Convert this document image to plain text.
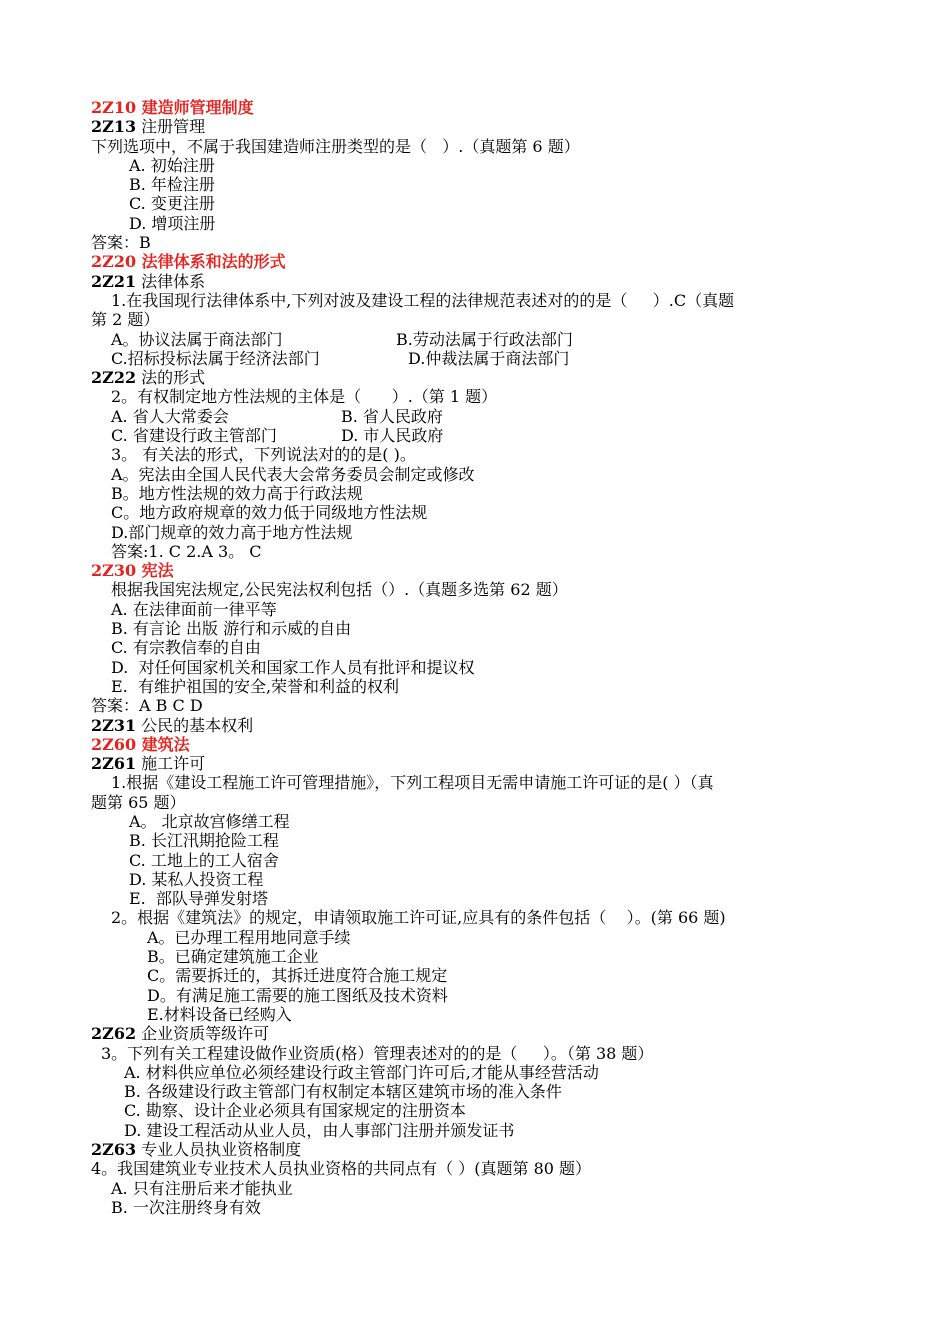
2Z10 建造师管理制度
2Z13 注册管理
下列选项中，不属于我国建造师注册类型的是（   ）.（真题第 6 题）
A. 初始注册
B. 年检注册
C. 变更注册
D. 增项注册
答案：B
2Z20 法律体系和法的形式
2Z21 法律体系
1.在我国现行法律体系中,下列对波及建设工程的法律规范表述对的的是（     ）.C（真题
第 2 题）
A。协议法属于商法部门	B.劳动法属于行政法部门
C.招标投标法属于经济法部门	D.仲裁法属于商法部门
2Z22 法的形式
2。有权制定地方性法规的主体是（      ）.（第 1 题）
A. 省人大常委会	B. 省人民政府
C. 省建设行政主管部门	D. 市人民政府
3。 有关法的形式，下列说法对的的是( )。
A。宪法由全国人民代表大会常务委员会制定或修改
B。地方性法规的效力高于行政法规
C。地方政府规章的效力低于同级地方性法规
D.部门规章的效力高于地方性法规
答案:1. C 2.A 3。 C
2Z30 宪法
根据我国宪法规定,公民宪法权利包括（）.（真题多选第 62 题）
A. 在法律面前一律平等
B. 有言论 出版 游行和示威的自由
C. 有宗教信奉的自由
D.  对任何国家机关和国家工作人员有批评和提议权
E.  有维护祖国的安全,荣誉和利益的权利
答案：A B C D
2Z31 公民的基本权利
2Z60 建筑法
2Z61 施工许可
1.根据《建设工程施工许可管理措施》，下列工程项目无需申请施工许可证的是( ）（真
题第 65 题）
A。 北京故宫修缮工程
B. 长江汛期抢险工程
C. 工地上的工人宿舍
D. 某私人投资工程
E.  部队导弹发射塔
2。根据《建筑法》的规定，申请领取施工许可证,应具有的条件包括（    ）。(第 66 题)
A。已办理工程用地同意手续
B。已确定建筑施工企业
C。需要拆迁的，其拆迁进度符合施工规定
D。有满足施工需要的施工图纸及技术资料
E.材料设备已经购入
2Z62 企业资质等级许可
3。下列有关工程建设做作业资质(格）管理表述对的的是（     ）。（第 38 题）
A. 材料供应单位必须经建设行政主管部门许可后,才能从事经营活动
B. 各级建设行政主管部门有权制定本辖区建筑市场的准入条件
C. 勘察、设计企业必须具有国家规定的注册资本
D. 建设工程活动从业人员，由人事部门注册并颁发证书
2Z63 专业人员执业资格制度
4。我国建筑业专业技术人员执业资格的共同点有（ ）(真题第 80 题）
A. 只有注册后来才能执业
B. 一次注册终身有效
